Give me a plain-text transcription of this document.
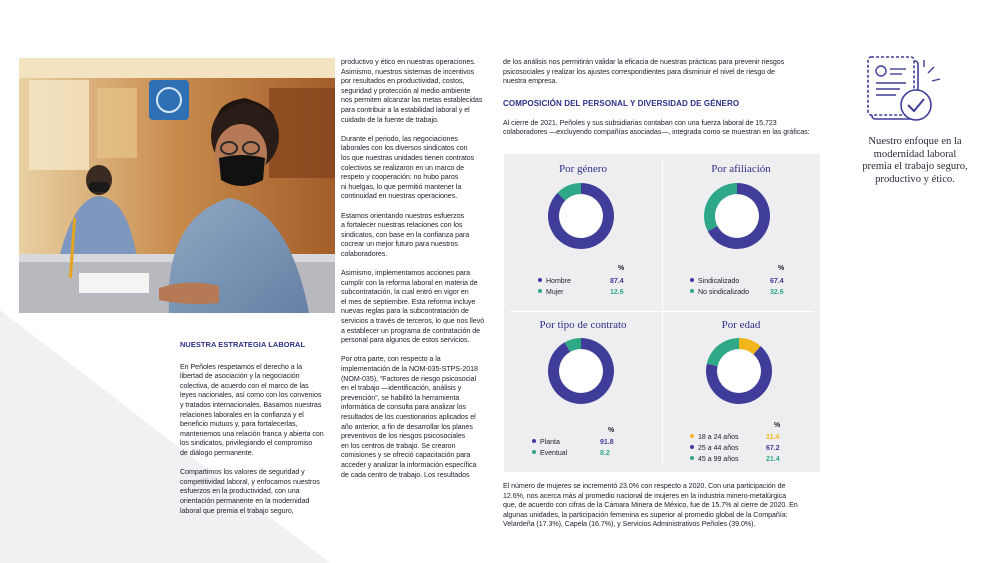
NUESTRA ESTRATEGIA LABORAL
En Peñoles respetamos el derecho a la
libertad de asociación y la negociación
colectiva, de acuerdo con el marco de las
leyes nacionales, así como con los convenios
y tratados internacionales. Basamos nuestras
relaciones laborales en la confianza y el
beneficio mutuos y, para fortalecerlas,
mantenemos una relación franca y abierta con
los sindicatos, privilegiando el compromiso
de diálogo permanente.
Compartimos los valores de seguridad y
competitividad laboral, y enfocamos nuestros
esfuerzos en la productividad, con una
orientación permanente en la modernidad
laboral que premia el trabajo seguro,
productivo y ético en nuestras operaciones.
Asimismo, nuestros sistemas de incentivos
por resultados en productividad, costos,
seguridad y protección al medio ambiente
nos permiten alcanzar las metas establecidas
para contribuir a la estabilidad laboral y el
cuidado de la fuente de trabajo.
Durante el periodo, las negociaciones
laborales con los diversos sindicatos con
los que nuestras unidades tienen contratos
colectivos se realizaron en un marco de
respeto y cooperación: no hubo paros
ni huelgas, lo que permitió mantener la
continuidad en nuestras operaciones.
Estamos orientando nuestros esfuerzos
a fortalecer nuestras relaciones con los
sindicatos, con base en la confianza para
cocrear un mejor futuro para nuestros
colaboradores.
Asimismo, implementamos acciones para
cumplir con la reforma laboral en materia de
subcontratación, la cual entró en vigor en
el mes de septiembre. Esta reforma incluye
nuevas reglas para la subcontratación de
servicios a través de terceros, lo que nos llevó
a establecer un programa de contratación de
personal para algunos de estos servicios.
Por otra parte, con respecto a la
implementación de la NOM-035-STPS-2018
(NOM-035), “Factores de riesgo psicosocial
en el trabajo —identificación, análisis y
prevención”, se habilitó la herramienta
informática de consulta para analizar los
resultados de los cuestionarios aplicados el
año anterior, a fin de desarrollar los planes
preventivos de los riesgos psicosociales
en los centros de trabajo. Se crearon
comisiones y se ofreció capacitación para
acceder y analizar la información específica
de cada centro de trabajo. Los resultados
de los análisis nos permitirán validar la eficacia de nuestras prácticas para prevenir riesgos
psicosociales y realizar los ajustes correspondientes para disminuir el nivel de riesgo de
nuestra empresa.
COMPOSICIÓN DEL PERSONAL Y DIVERSIDAD DE GÉNERO
Al cierre de 2021, Peñoles y sus subsidiarias contaban con una fuerza laboral de 15,723
colaboradores —excluyendo compañías asociadas—, integrada como se muestran en las gráficas:
Por género	Por afiliación
Por tipo de contrato	Por edad
%	%
%
%
Hombre	87.4
Mujer	12.6
Sindicalizado	67.4
No sindicalizado	32.6
Planta	91.8
Eventual	8.2
18 a 24 años	11.4
25 a 44 años	67.2
45 a 99 años	21.4
El número de mujeres se incrementó 23.0% con respecto a 2020. Con una participación de
12.6%, nos acerca más al promedio nacional de mujeres en la industria minero-metalúrgica
que, de acuerdo con cifras de la Cámara Minera de México, fue de 15.7% al cierre de 2020. En
algunas unidades, la participación femenina es superior al promedio global de la Compañía:
Velardeña (17.3%), Capela (16.7%), y Servicios Administrativos Peñoles (39.0%).
Nuestro enfoque en la
modernidad laboral
premia el trabajo seguro,
productivo y ético.
